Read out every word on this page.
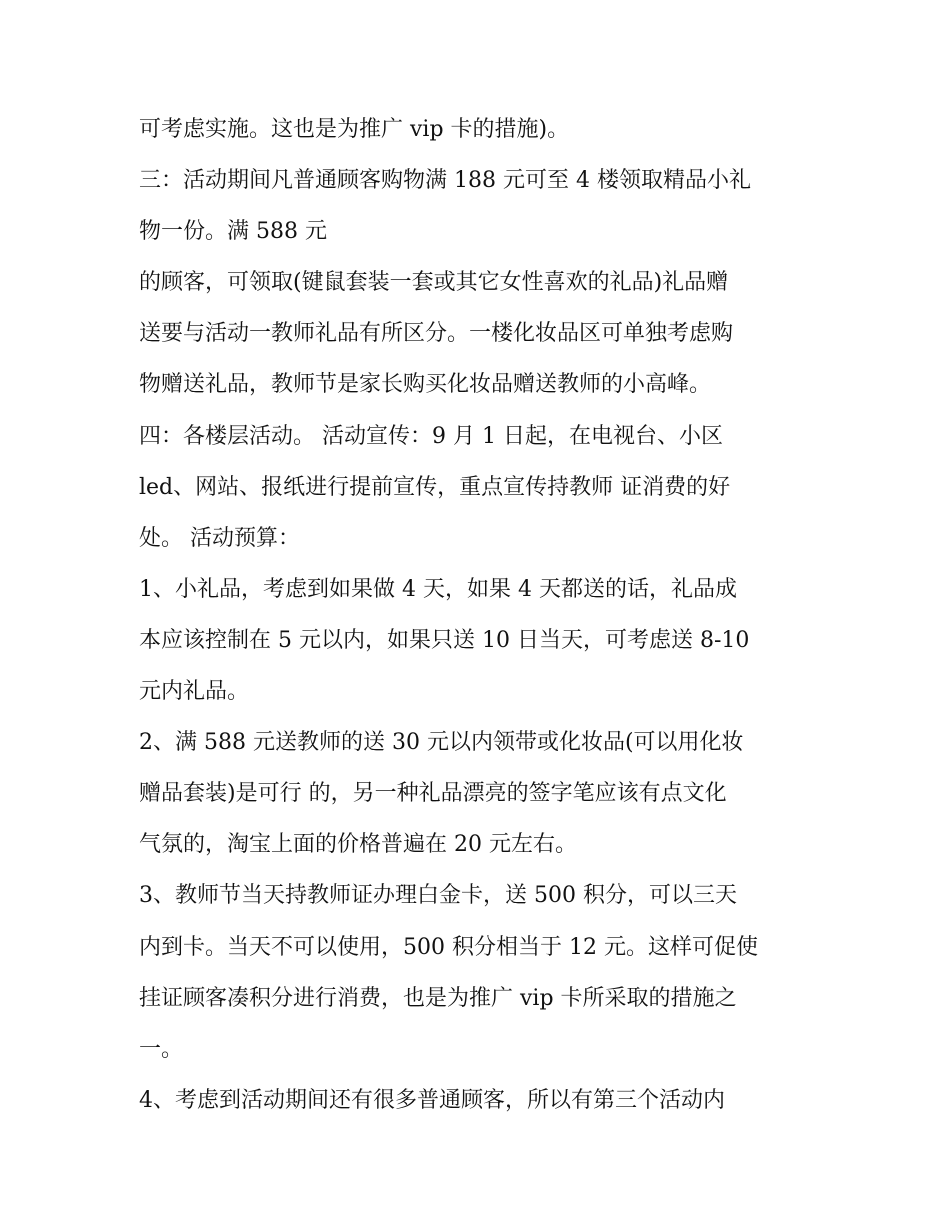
可考虑实施。这也是为推广 vip 卡的措施)。
三：活动期间凡普通顾客购物满 188 元可至 4 楼领取精品小礼
物一份。满 588 元
的顾客，可领取(键鼠套装一套或其它女性喜欢的礼品)礼品赠
送要与活动一教师礼品有所区分。一楼化妆品区可单独考虑购
物赠送礼品，教师节是家长购买化妆品赠送教师的小高峰。
四：各楼层活动。 活动宣传：9 月 1 日起，在电视台、小区
led、网站、报纸进行提前宣传，重点宣传持教师 证消费的好
处。 活动预算：
1、小礼品，考虑到如果做 4 天，如果 4 天都送的话，礼品成
本应该控制在 5 元以内，如果只送 10 日当天，可考虑送 8-10
元内礼品。
2、满 588 元送教师的送 30 元以内领带或化妆品(可以用化妆
赠品套装)是可行 的，另一种礼品漂亮的签字笔应该有点文化
气氛的，淘宝上面的价格普遍在 20 元左右。
3、教师节当天持教师证办理白金卡，送 500 积分，可以三天
内到卡。当天不可以使用，500 积分相当于 12 元。这样可促使
挂证顾客凑积分进行消费，也是为推广 vip 卡所采取的措施之
一。
4、考虑到活动期间还有很多普通顾客，所以有第三个活动内
